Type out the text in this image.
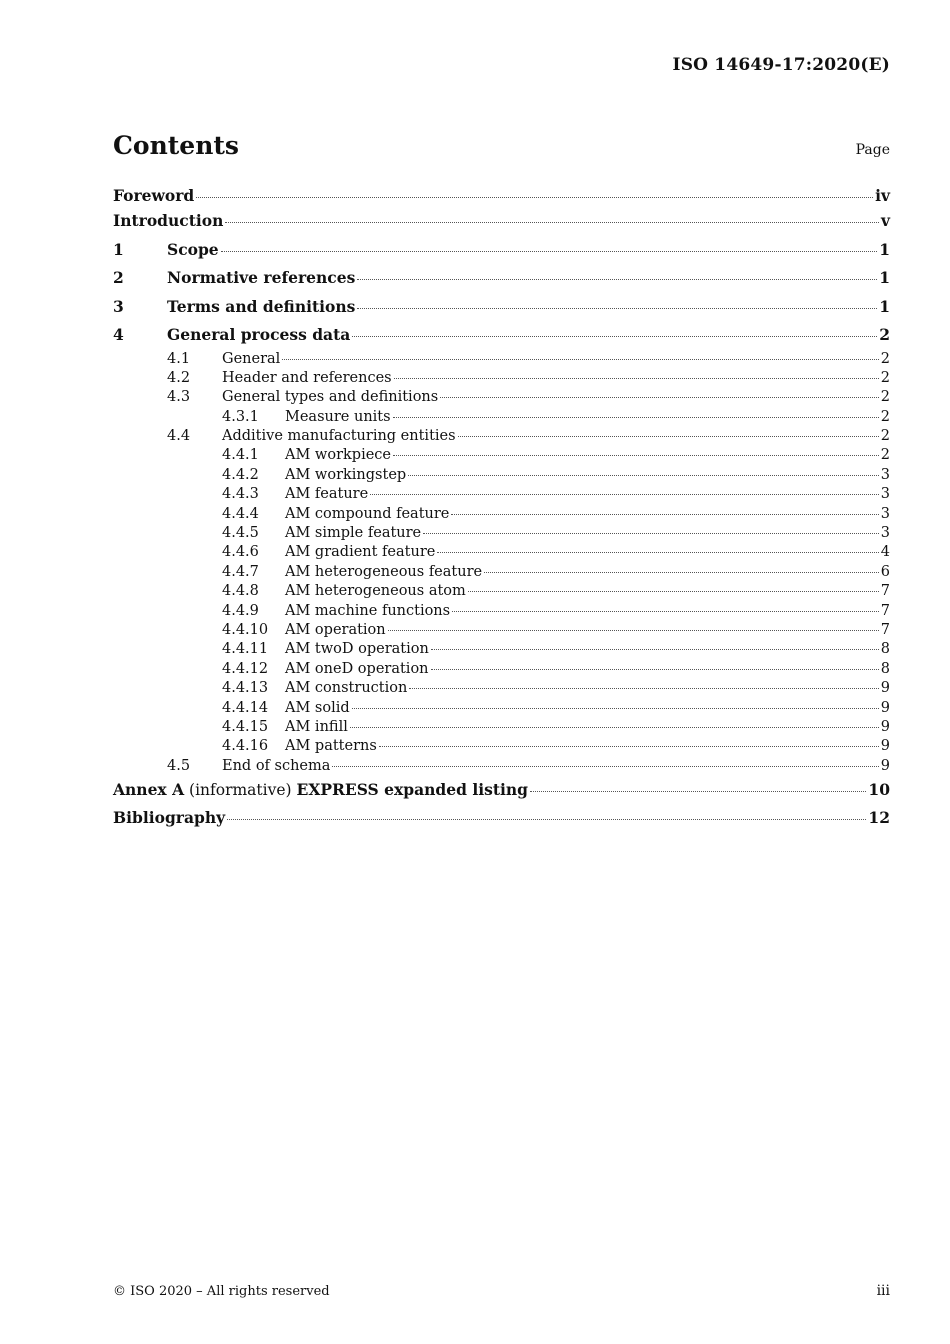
ISO 14649-17:2020(E)
Contents	Page
Foreword	iv
Introduction	v
1	Scope	1
2	Normative references	1
3	Terms and definitions	1
4	General process data	2
4.1	General	2
4.2	Header and references	2
4.3	General types and definitions	2
4.3.1	Measure units	2
4.4	Additive manufacturing entities	2
4.4.1	AM workpiece	2
4.4.2	AM workingstep	3
4.4.3	AM feature	3
4.4.4	AM compound feature	3
4.4.5	AM simple feature	3
4.4.6	AM gradient feature	4
4.4.7	AM heterogeneous feature	6
4.4.8	AM heterogeneous atom	7
4.4.9	AM machine functions	7
4.4.10	AM operation	7
4.4.11	AM twoD operation	8
4.4.12	AM oneD operation	8
4.4.13	AM construction	9
4.4.14	AM solid	9
4.4.15	AM infill	9
4.4.16	AM patterns	9
4.5	End of schema	9
Annex A (informative) EXPRESS expanded listing	10
Bibliography	12
© ISO 2020 – All rights reserved	iii
